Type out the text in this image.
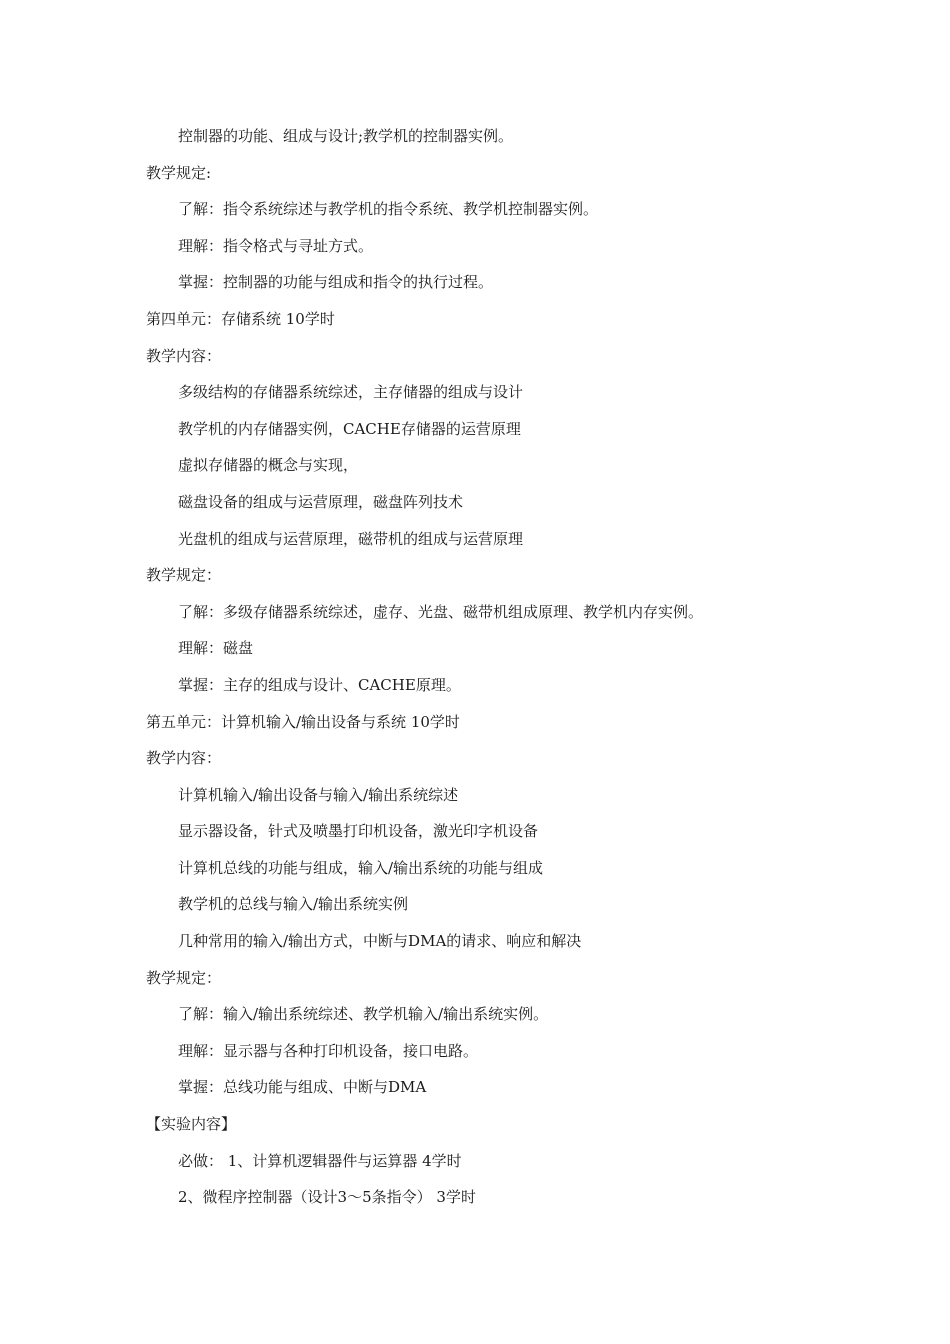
控制器的功能、组成与设计;教学机的控制器实例。
教学规定:
了解：指令系统综述与教学机的指令系统、教学机控制器实例。
理解：指令格式与寻址方式。
掌握：控制器的功能与组成和指令的执行过程。
第四单元：存储系统 10学时
教学内容：
多级结构的存储器系统综述，主存储器的组成与设计
教学机的内存储器实例，CACHE存储器的运营原理
虚拟存储器的概念与实现，
磁盘设备的组成与运营原理，磁盘阵列技术
光盘机的组成与运营原理，磁带机的组成与运营原理
教学规定：
了解：多级存储器系统综述，虚存、光盘、磁带机组成原理、教学机内存实例。
理解：磁盘
掌握：主存的组成与设计、CACHE原理。
第五单元：计算机输入/输出设备与系统 10学时
教学内容：
计算机输入/输出设备与输入/输出系统综述
显示器设备，针式及喷墨打印机设备，激光印字机设备
计算机总线的功能与组成，输入/输出系统的功能与组成
教学机的总线与输入/输出系统实例
几种常用的输入/输出方式，中断与DMA的请求、响应和解决
教学规定：
了解：输入/输出系统综述、教学机输入/输出系统实例。
理解：显示器与各种打印机设备，接口电路。
掌握：总线功能与组成、中断与DMA
【实验内容】
必做： 1、计算机逻辑器件与运算器 4学时
2、微程序控制器（设计3～5条指令） 3学时
